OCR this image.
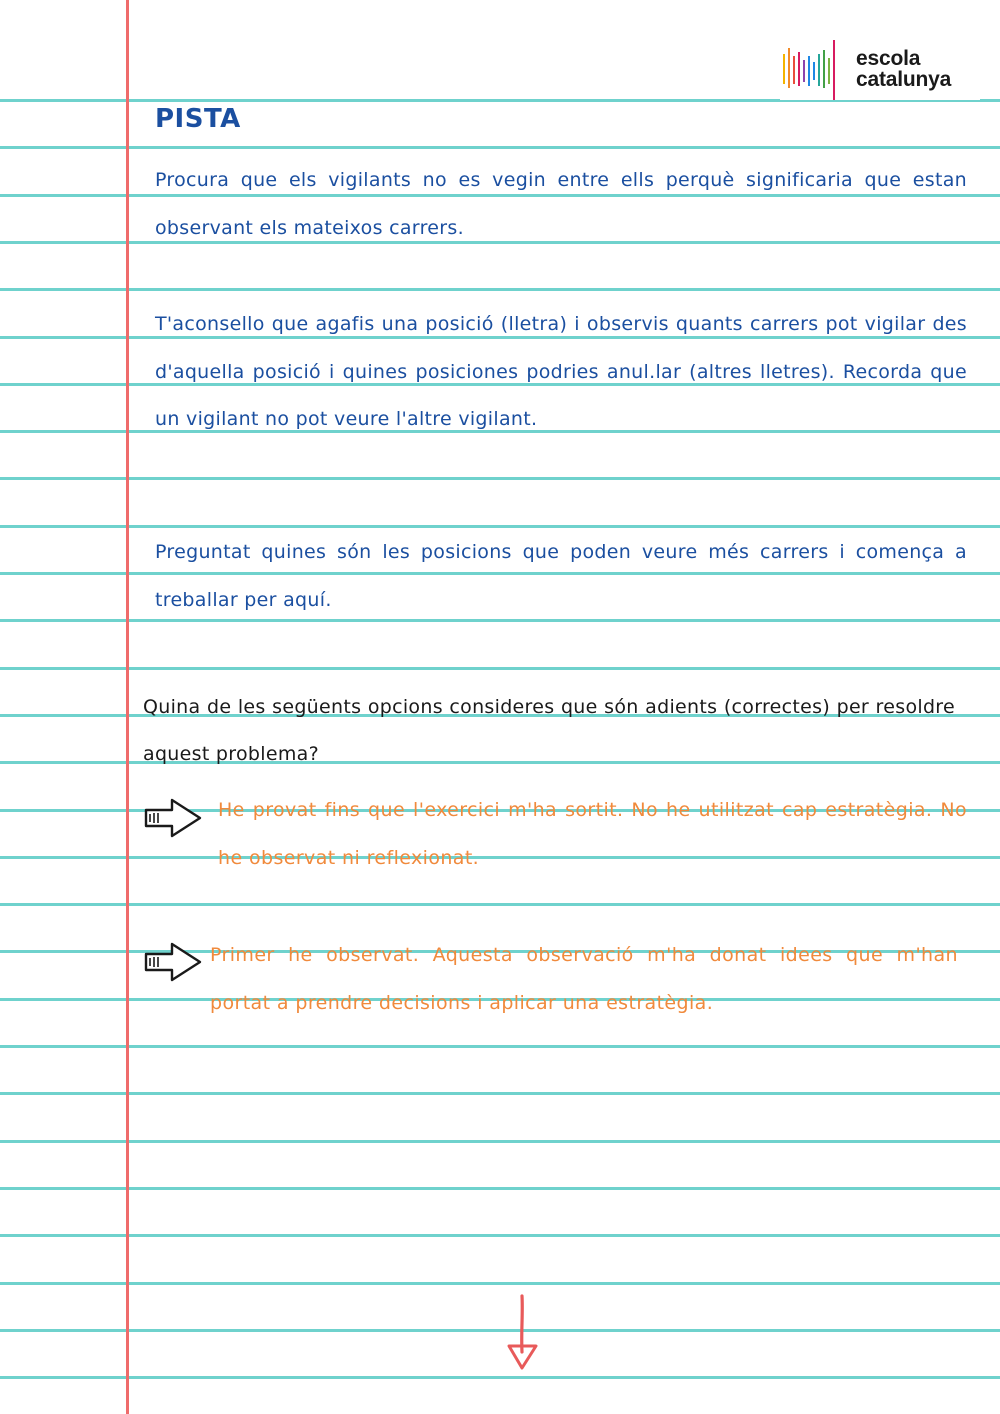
escola
catalunya
PISTA
Procura que els vigilants no es vegin entre ells perquè significaria que estan observant els mateixos carrers.
T'aconsello que agafis una posició (lletra) i observis quants carrers pot vigilar des d'aquella posició i quines posiciones podries anul.lar (altres lletres). Recorda que un vigilant no pot veure l'altre vigilant.
Preguntat quines són les posicions que poden veure més carrers i comença a treballar per aquí.
Quina de les següents opcions consideres que són adients (correctes) per resoldre aquest problema?
He provat fins que l'exercici m'ha sortit. No he utilitzat cap estratègia. No he observat ni reflexionat.
Primer he observat. Aquesta observació m'ha donat idees que m'han portat a prendre decisions i aplicar una estratègia.
